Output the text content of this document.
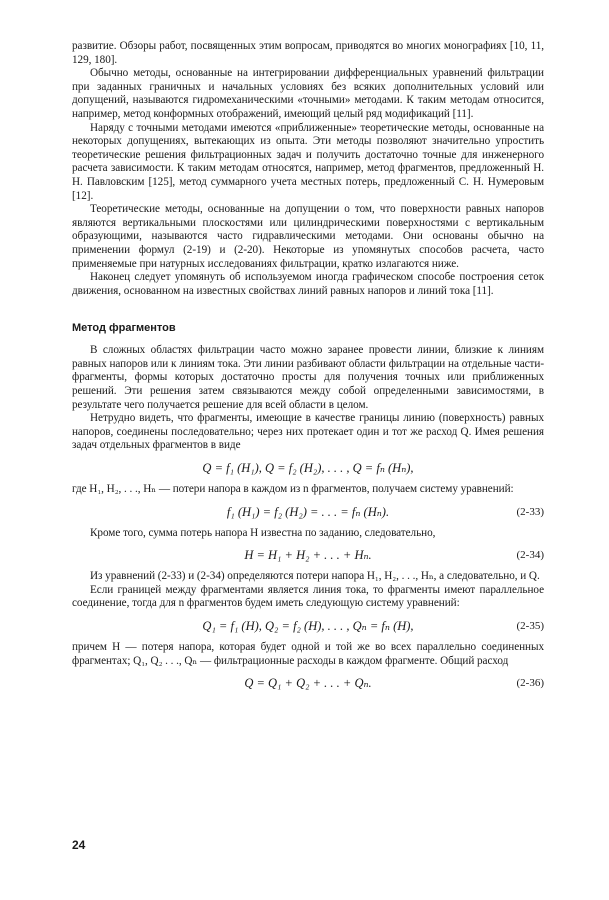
развитие. Обзоры работ, посвященных этим вопросам, приводятся во многих монографиях [10, 11, 129, 180].

Обычно методы, основанные на интегрировании дифференциальных уравнений фильтрации при заданных граничных и начальных условиях без всяких дополнительных условий или допущений, называются гидромеханическими «точными» методами. К таким методам относится, например, метод конформных отображений, имеющий целый ряд модификаций [11].

Наряду с точными методами имеются «приближенные» теоретические методы, основанные на некоторых допущениях, вытекающих из опыта. Эти методы позволяют значительно упростить теоретические решения фильтрационных задач и получить достаточно точные для инженерного расчета зависимости. К таким методам относятся, например, метод фрагментов, предложенный Н. Н. Павловским [125], метод суммарного учета местных потерь, предложенный С. Н. Нумеровым [12].

Теоретические методы, основанные на допущении о том, что поверхности равных напоров являются вертикальными плоскостями или цилиндрическими поверхностями с вертикальным образующими, называются часто гидравлическими методами. Они основаны обычно на применении формул (2-19) и (2-20). Некоторые из упомянутых способов расчета, часто применяемые при натурных исследованиях фильтрации, кратко излагаются ниже.

Наконец следует упомянуть об используемом иногда графическом способе построения сеток движения, основанном на известных свойствах линий равных напоров и линий тока [11].

Метод фрагментов

В сложных областях фильтрации часто можно заранее провести линии, близкие к линиям равных напоров или к линиям тока. Эти линии разбивают области фильтрации на отдельные части-фрагменты, формы которых достаточно просты для получения точных или приближенных решений. Эти решения затем связываются между собой определенными зависимостями, в результате чего получается решение для всей области в целом.

Нетрудно видеть, что фрагменты, имеющие в качестве границы линию (поверхность) равных напоров, соединены последовательно; через них протекает один и тот же расход Q. Имея решения задач отдельных фрагментов в виде

Q = f₁ (H₁), Q = f₂ (H₂), . . . , Q = fₙ (Hₙ),

где H₁, H₂, . . ., Hₙ — потери напора в каждом из n фрагментов, получаем систему уравнений:

f₁ (H₁) = f₂ (H₂) = . . . = fₙ (Hₙ).	(2-33)

Кроме того, сумма потерь напора H известна по заданию, следовательно,

H = H₁ + H₂ + . . . + Hₙ.	(2-34)

Из уравнений (2-33) и (2-34) определяются потери напора H₁, H₂, . . ., Hₙ, а следовательно, и Q.

Если границей между фрагментами является линия тока, то фрагменты имеют параллельное соединение, тогда для n фрагментов будем иметь следующую систему уравнений:

Q₁ = f₁ (H), Q₂ = f₂ (H), . . . , Qₙ = fₙ (H),	(2-35)

причем H — потеря напора, которая будет одной и той же во всех параллельно соединенных фрагментах; Q₁, Q₂ . . ., Qₙ — фильтрационные расходы в каждом фрагменте. Общий расход

Q = Q₁ + Q₂ + . . . + Qₙ.	(2-36)
24
